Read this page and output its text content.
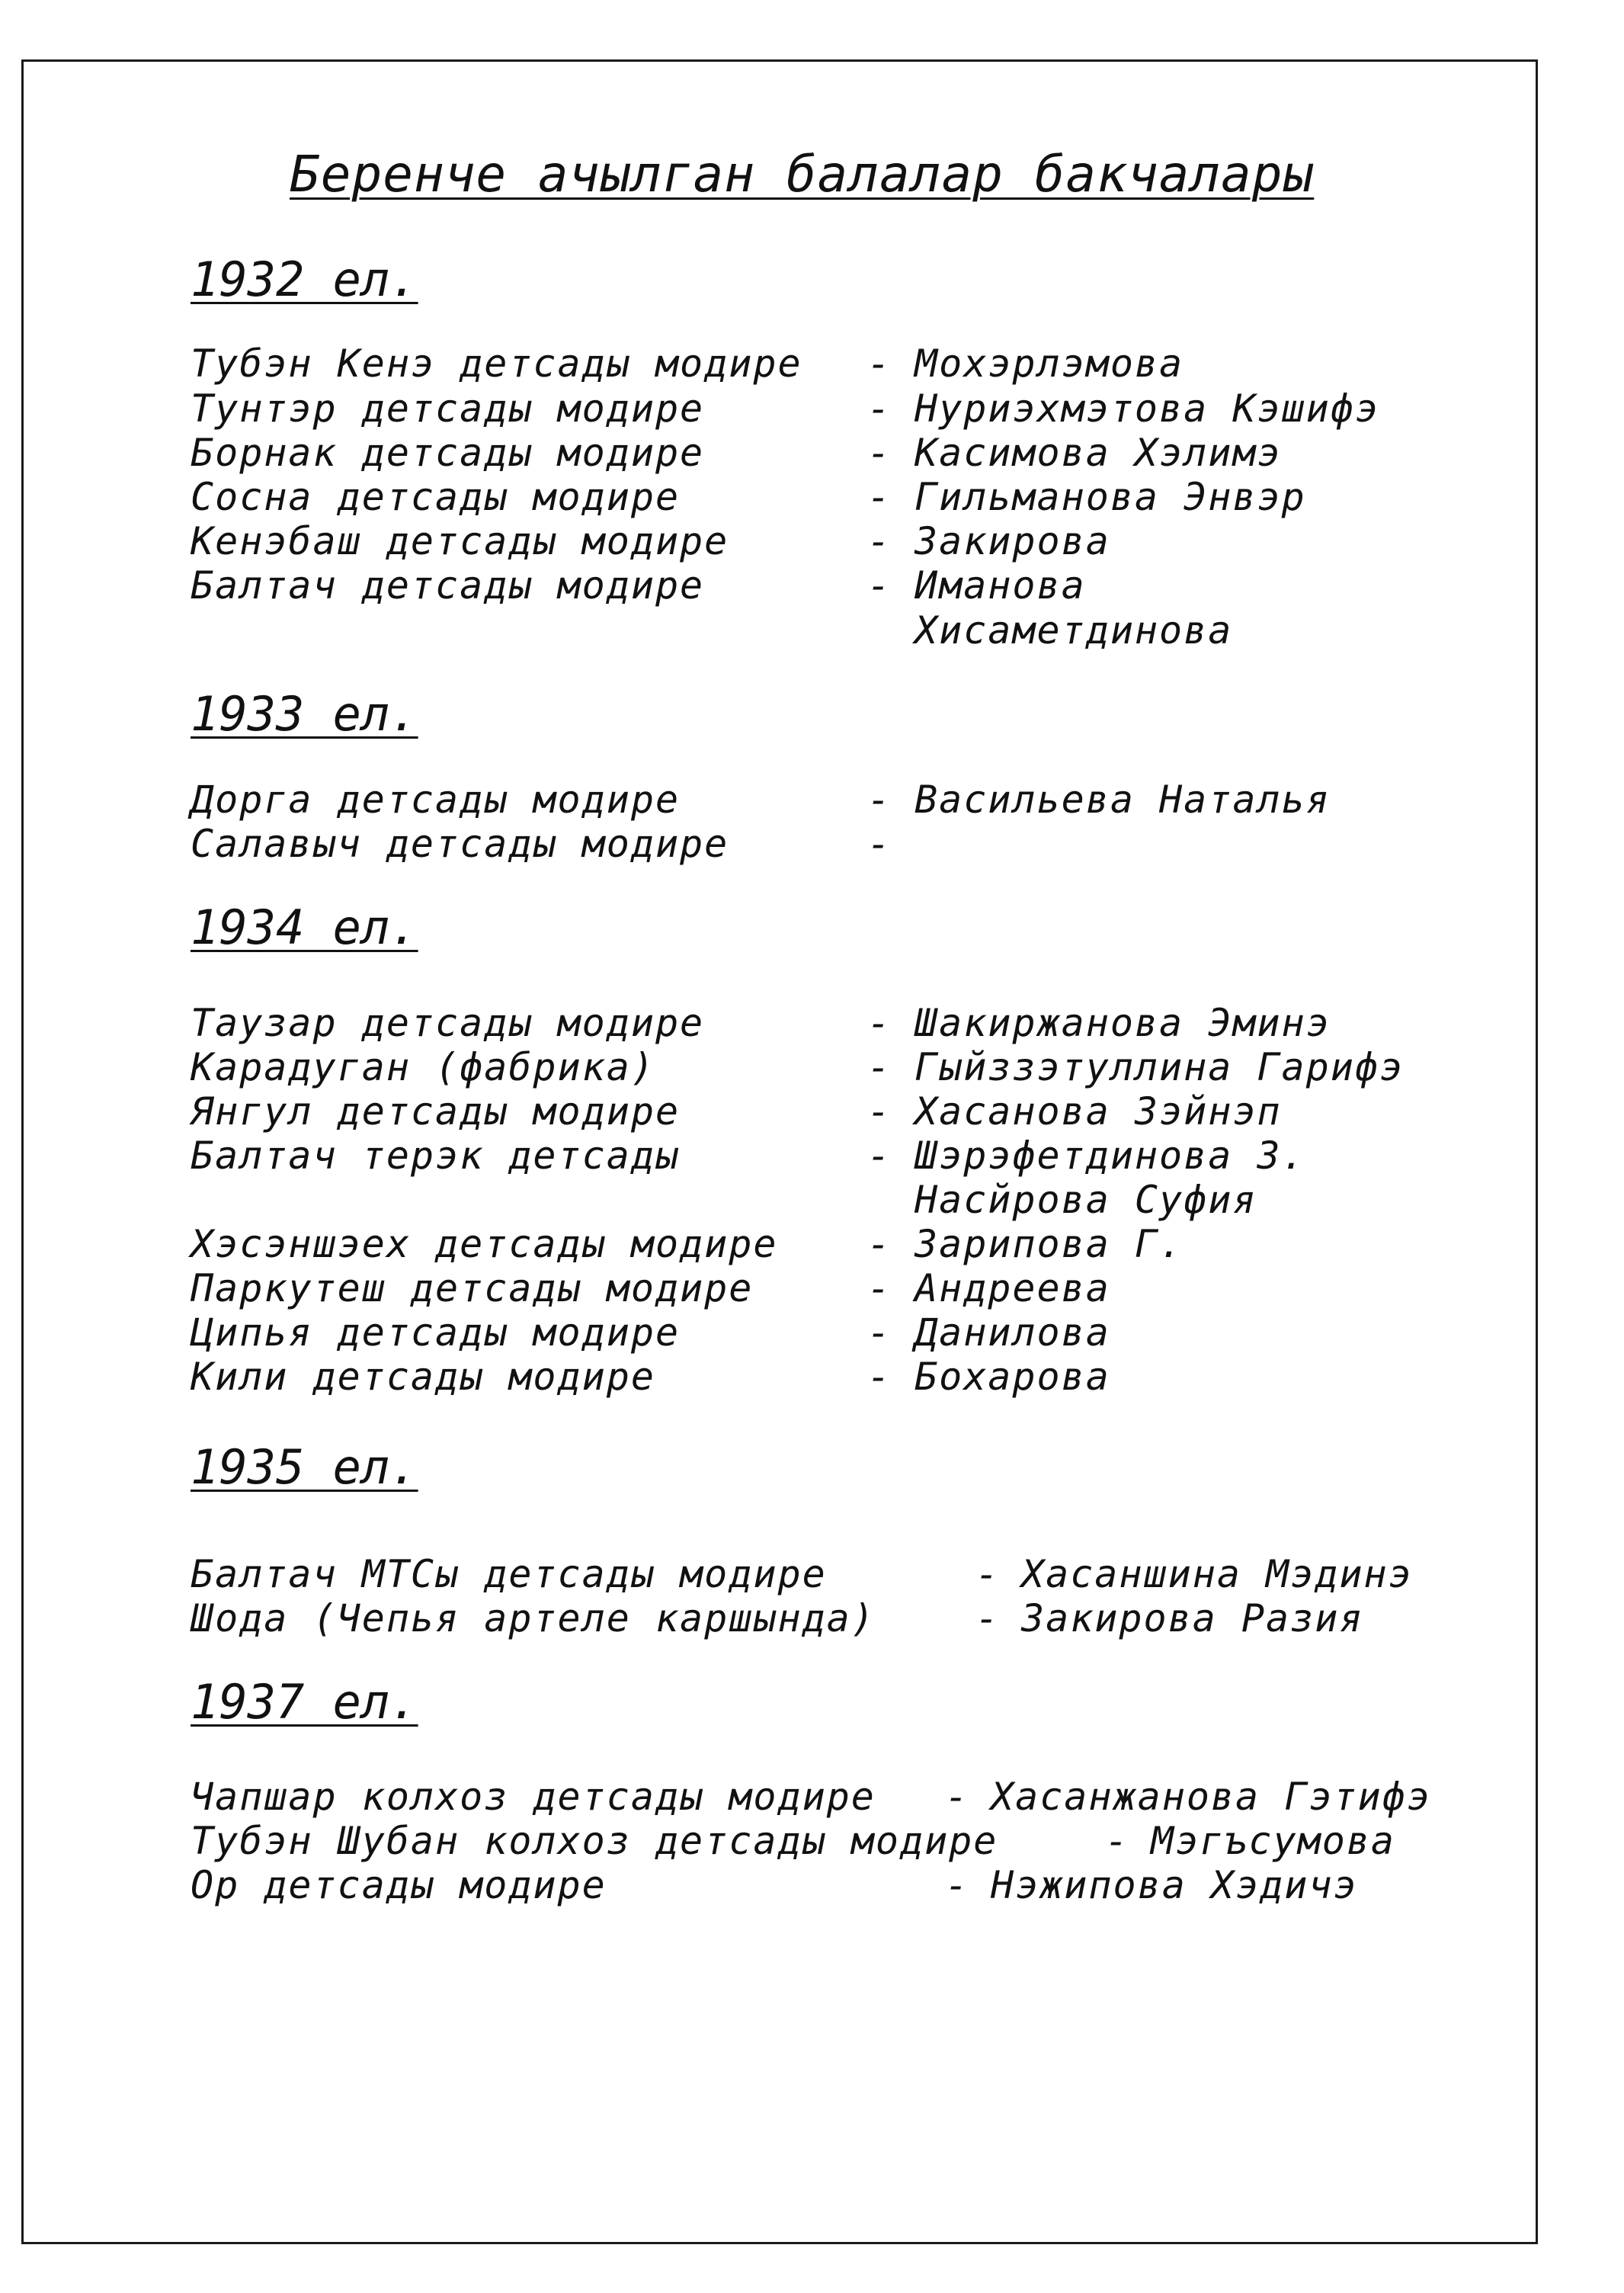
Беренче ачылган балалар бакчалары
1932 ел.
Тубэн Кенэ детсады модире - Мохэрлэмова
Тунтэр детсады модире	- Нуриэхмэтова Кэшифэ
Борнак детсады модире	- Касимова Хэлимэ
Сосна детсады модире	- Гильманова Энвэр
Кенэбаш детсады модире	- Закирова
Балтач детсады модире	- Иманова
Хисаметдинова
1933 ел.
Дорга детсады модире	- Васильева Наталья
Салавыч детсады модире	-
1934 ел.
Таузар детсады модире	- Шакиржанова Эминэ
Карадуган (фабрика)	- Гыйззэтуллина Гарифэ
Янгул детсады модире	- Хасанова Зэйнэп
Балтач терэк детсады	- Шэрэфетдинова З.
Насйрова Суфия
Хэсэншэех детсады модире - Зарипова Г.
Паркутеш детсады модире	- Андреева
Ципья детсады модире	- Данилова
Кили детсады модире	- Бохарова
1935 ел.
Балтач МТСы детсады модире	- Хасаншина Мэдинэ
Шода (Чепья артеле каршында)	- Закирова Разия
1937 ел.
Чапшар колхоз детсады модире - Хасанжанова Гэтифэ
Тубэн Шубан колхоз детсады модире	- Мэгъсумова
Ор детсады модире	- Нэжипова Хэдичэ
